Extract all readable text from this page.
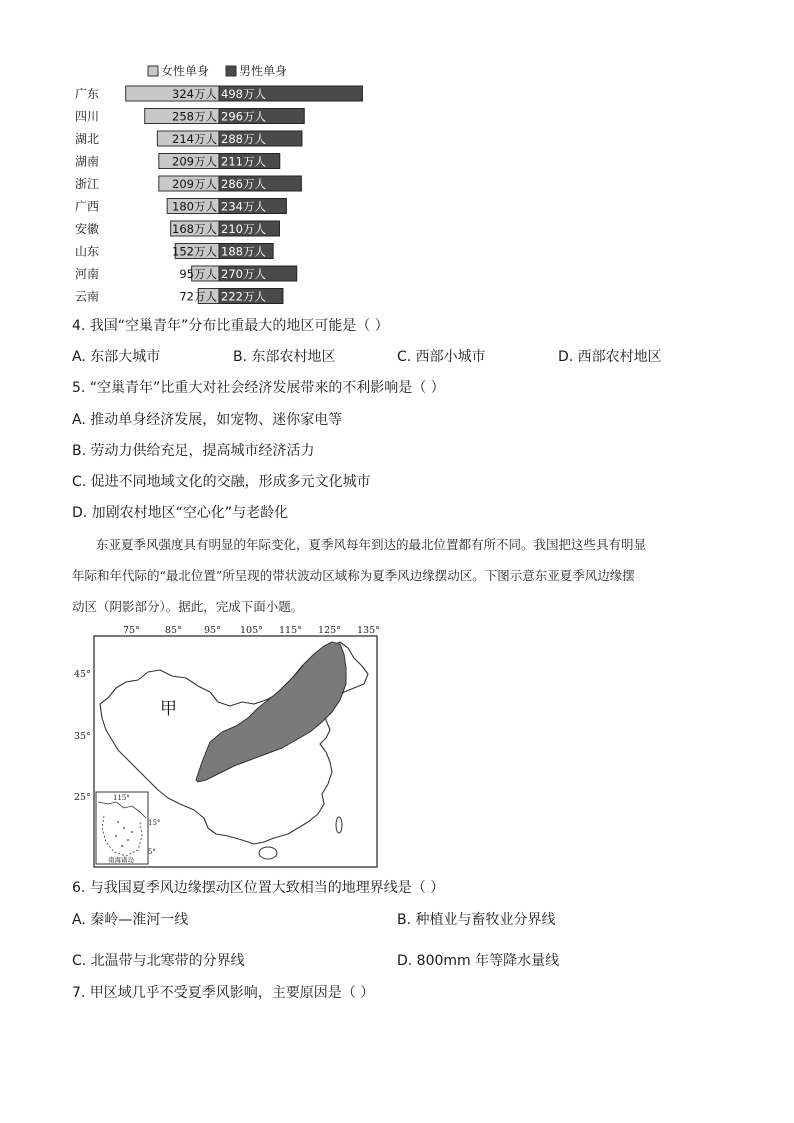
女性单身 男性单身
广东	324万人 498万人
四川	258万人 296万人
湖北	214万人 288万人
湖南	209万人 211万人
浙江	209万人 286万人
广西	180万人 234万人
安徽	168万人 210万人
山东	152万人 188万人
河南	95万人 270万人
云南	72万人 222万人
4. 我国“空巢青年”分布比重最大的地区可能是（ ）
A. 东部大城市	B. 东部农村地区	C. 西部小城市	D. 西部农村地区
5. “空巢青年”比重大对社会经济发展带来的不利影响是（ ）
A. 推动单身经济发展，如宠物、迷你家电等
B. 劳动力供给充足，提高城市经济活力
C. 促进不同地域文化的交融，形成多元文化城市
D. 加剧农村地区“空心化”与老龄化
东亚夏季风强度具有明显的年际变化，夏季风每年到达的最北位置都有所不同。我国把这些具有明显
年际和年代际的“最北位置”所呈现的带状波动区域称为夏季风边缘摆动区。下图示意东亚夏季风边缘摆
动区（阴影部分）。据此，完成下面小题。
75°	85° 95° 105° 115° 125° 135°
45°
35°
25°
甲
115°
15°
5°
南海诸岛
6. 与我国夏季风边缘摆动区位置大致相当的地理界线是（ ）
A. 秦岭—淮河一线	B. 种植业与畜牧业分界线
C. 北温带与北寒带的分界线	D. 800mm 年等降水量线
7. 甲区域几乎不受夏季风影响，主要原因是（ ）
